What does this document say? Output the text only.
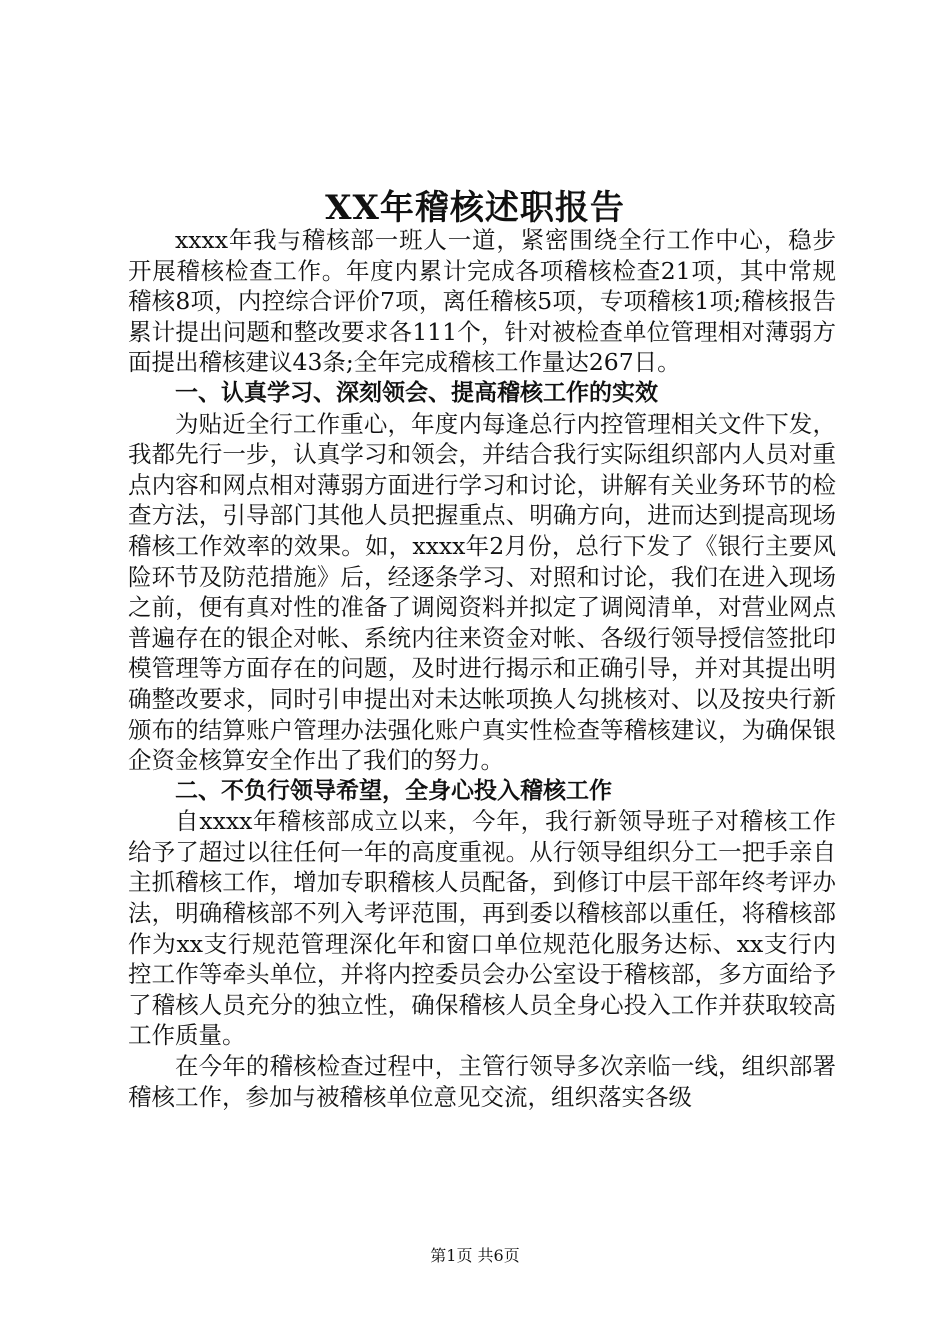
XX年稽核述职报告

xxxx年我与稽核部一班人一道，紧密围绕全行工作中心，稳步开展稽核检查工作。年度内累计完成各项稽核检查21项，其中常规稽核8项，内控综合评价7项，离任稽核5项，专项稽核1项;稽核报告累计提出问题和整改要求各111个，针对被检查单位管理相对薄弱方面提出稽核建议43条;全年完成稽核工作量达267日。

一、认真学习、深刻领会、提高稽核工作的实效

为贴近全行工作重心，年度内每逢总行内控管理相关文件下发，我都先行一步，认真学习和领会，并结合我行实际组织部内人员对重点内容和网点相对薄弱方面进行学习和讨论，讲解有关业务环节的检查方法，引导部门其他人员把握重点、明确方向，进而达到提高现场稽核工作效率的效果。如，xxxx年2月份，总行下发了《银行主要风险环节及防范措施》后，经逐条学习、对照和讨论，我们在进入现场之前，便有真对性的准备了调阅资料并拟定了调阅清单，对营业网点普遍存在的银企对帐、系统内往来资金对帐、各级行领导授信签批印模管理等方面存在的问题，及时进行揭示和正确引导，并对其提出明确整改要求，同时引申提出对未达帐项换人勾挑核对、以及按央行新颁布的结算账户管理办法强化账户真实性检查等稽核建议，为确保银企资金核算安全作出了我们的努力。

二、不负行领导希望，全身心投入稽核工作

自xxxx年稽核部成立以来，今年，我行新领导班子对稽核工作给予了超过以往任何一年的高度重视。从行领导组织分工一把手亲自主抓稽核工作，增加专职稽核人员配备，到修订中层干部年终考评办法，明确稽核部不列入考评范围，再到委以稽核部以重任，将稽核部作为xx支行规范管理深化年和窗口单位规范化服务达标、xx支行内控工作等牵头单位，并将内控委员会办公室设于稽核部，多方面给予了稽核人员充分的独立性，确保稽核人员全身心投入工作并获取较高工作质量。

在今年的稽核检查过程中，主管行领导多次亲临一线，组织部署稽核工作，参加与被稽核单位意见交流，组织落实各级

第1页 共6页
